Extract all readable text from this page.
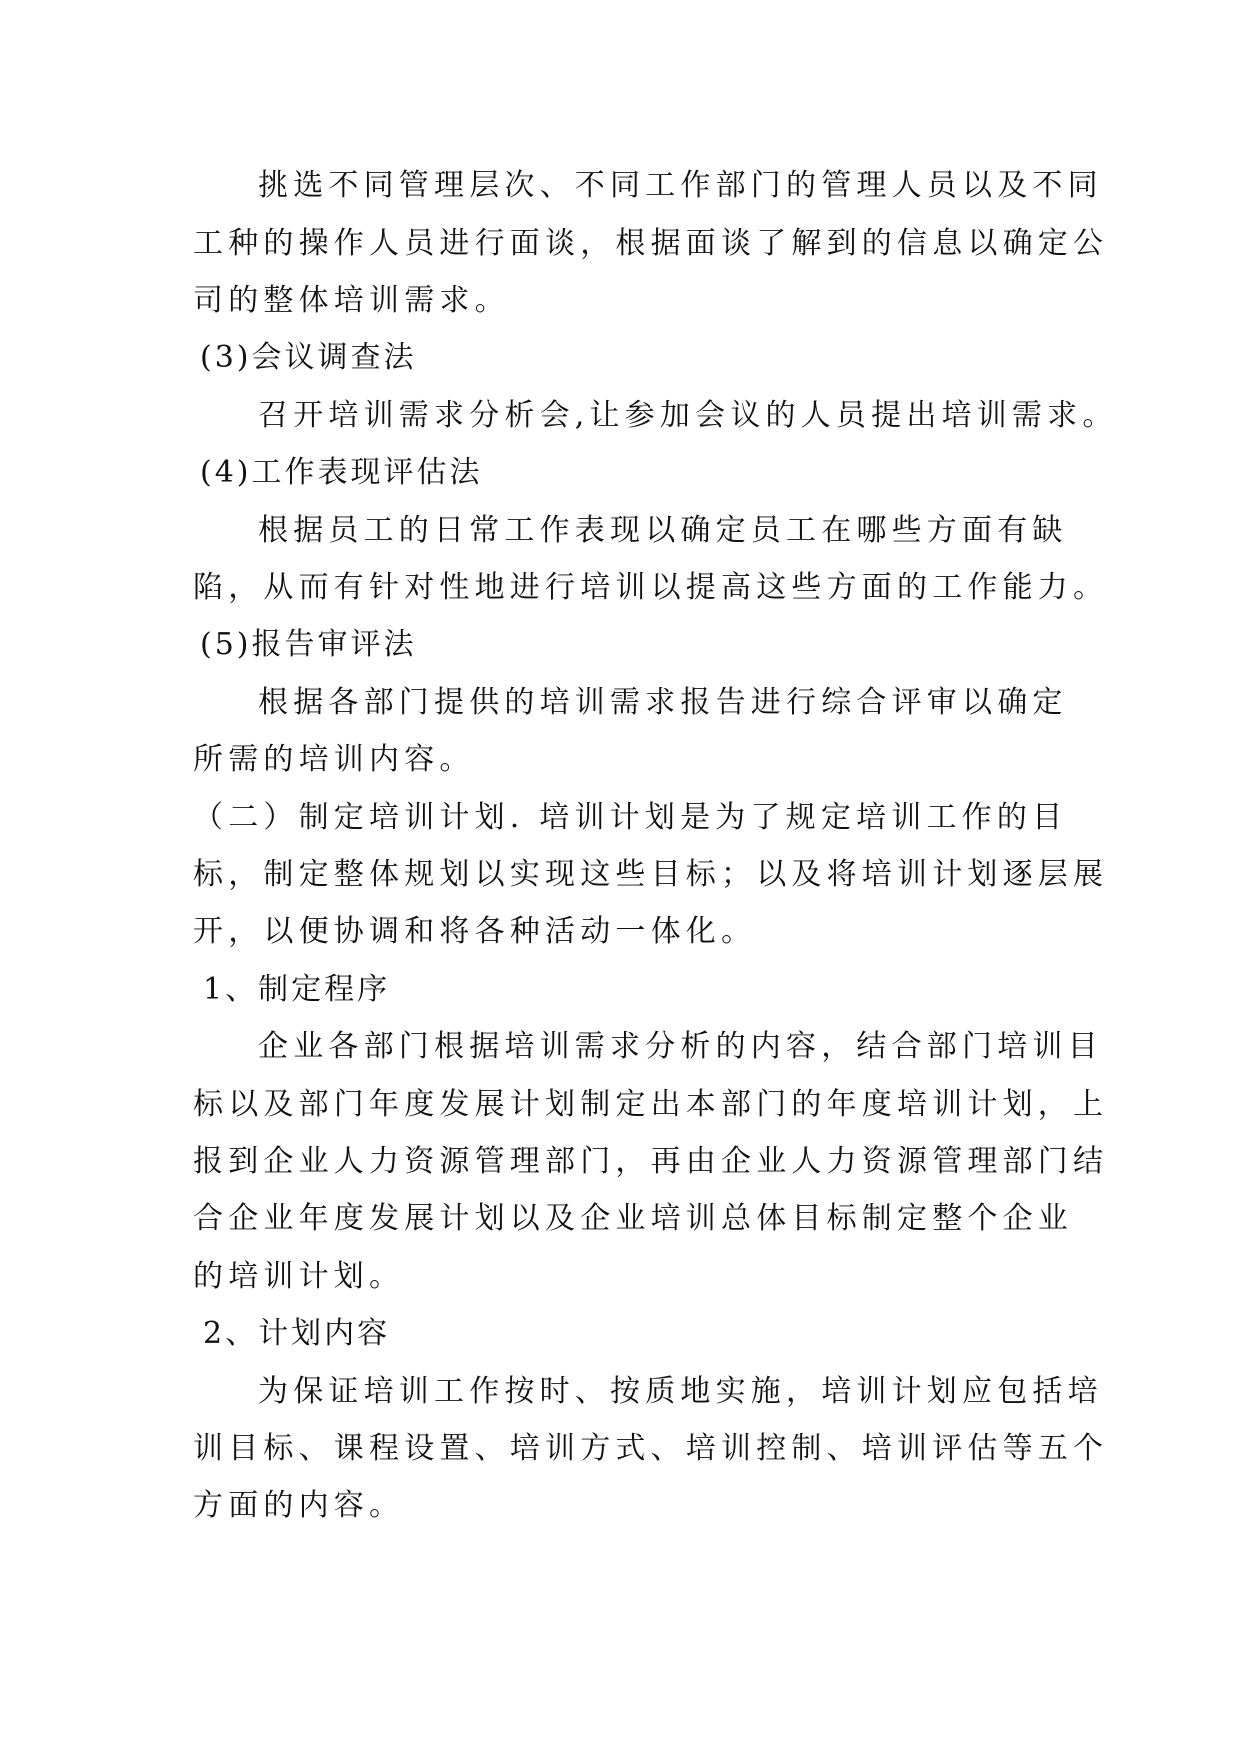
挑选不同管理层次、不同工作部门的管理人员以及不同
工种的操作人员进行面谈，根据面谈了解到的信息以确定公
司的整体培训需求。
(3)会议调查法
召开培训需求分析会,让参加会议的人员提出培训需求。
(4)工作表现评估法
根据员工的日常工作表现以确定员工在哪些方面有缺
陷，从而有针对性地进行培训以提高这些方面的工作能力。
(5)报告审评法
根据各部门提供的培训需求报告进行综合评审以确定
所需的培训内容。
（二）制定培训计划. 培训计划是为了规定培训工作的目
标，制定整体规划以实现这些目标；以及将培训计划逐层展
开，以便协调和将各种活动一体化。
1、制定程序
企业各部门根据培训需求分析的内容，结合部门培训目
标以及部门年度发展计划制定出本部门的年度培训计划，上
报到企业人力资源管理部门，再由企业人力资源管理部门结
合企业年度发展计划以及企业培训总体目标制定整个企业
的培训计划。
2、计划内容
为保证培训工作按时、按质地实施，培训计划应包括培
训目标、课程设置、培训方式、培训控制、培训评估等五个
方面的内容。
